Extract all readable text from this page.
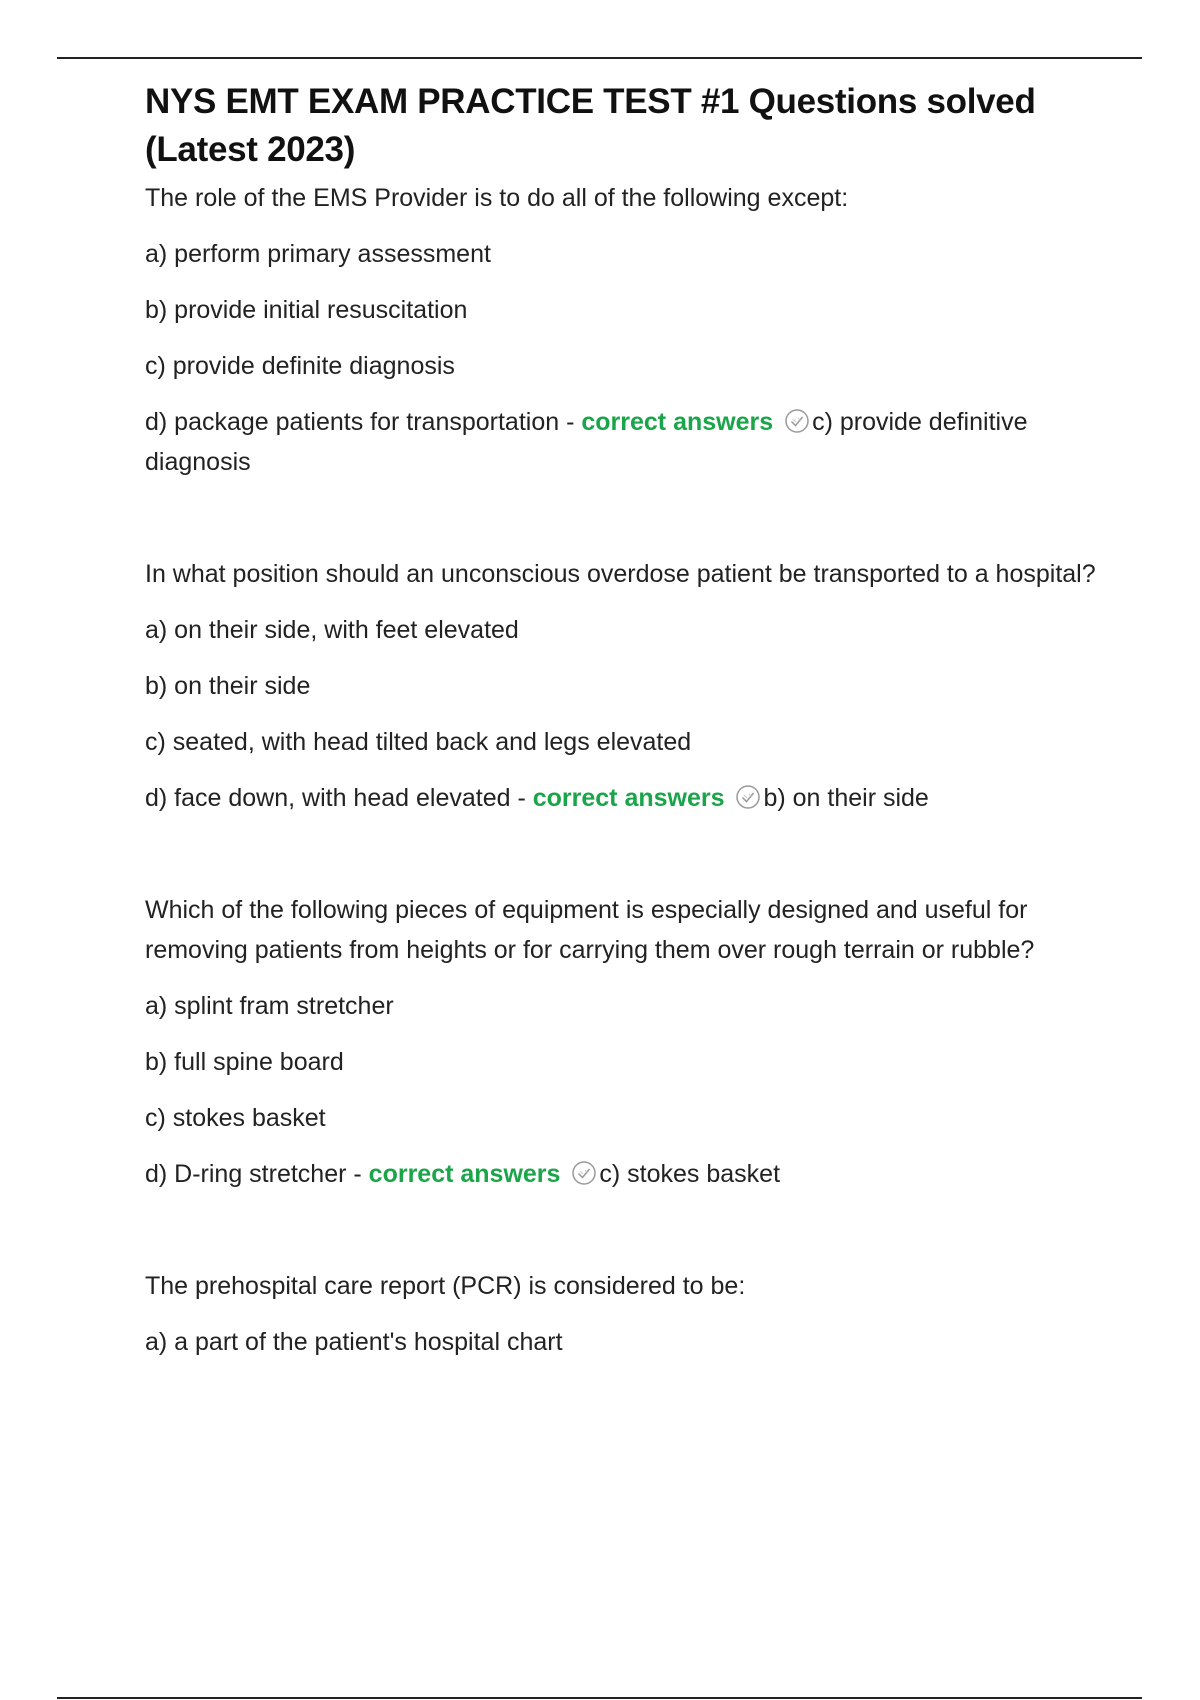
NYS EMT EXAM PRACTICE TEST #1 Questions solved (Latest 2023)

The role of the EMS Provider is to do all of the following except:

a) perform primary assessment

b) provide initial resuscitation

c) provide definite diagnosis

d) package patients for transportation - correct answers c) provide definitive diagnosis

In what position should an unconscious overdose patient be transported to a hospital?

a) on their side, with feet elevated

b) on their side

c) seated, with head tilted back and legs elevated

d) face down, with head elevated - correct answers b) on their side

Which of the following pieces of equipment is especially designed and useful for removing patients from heights or for carrying them over rough terrain or rubble?

a) splint fram stretcher

b) full spine board

c) stokes basket

d) D-ring stretcher - correct answers c) stokes basket

The prehospital care report (PCR) is considered to be:

a) a part of the patient's hospital chart
